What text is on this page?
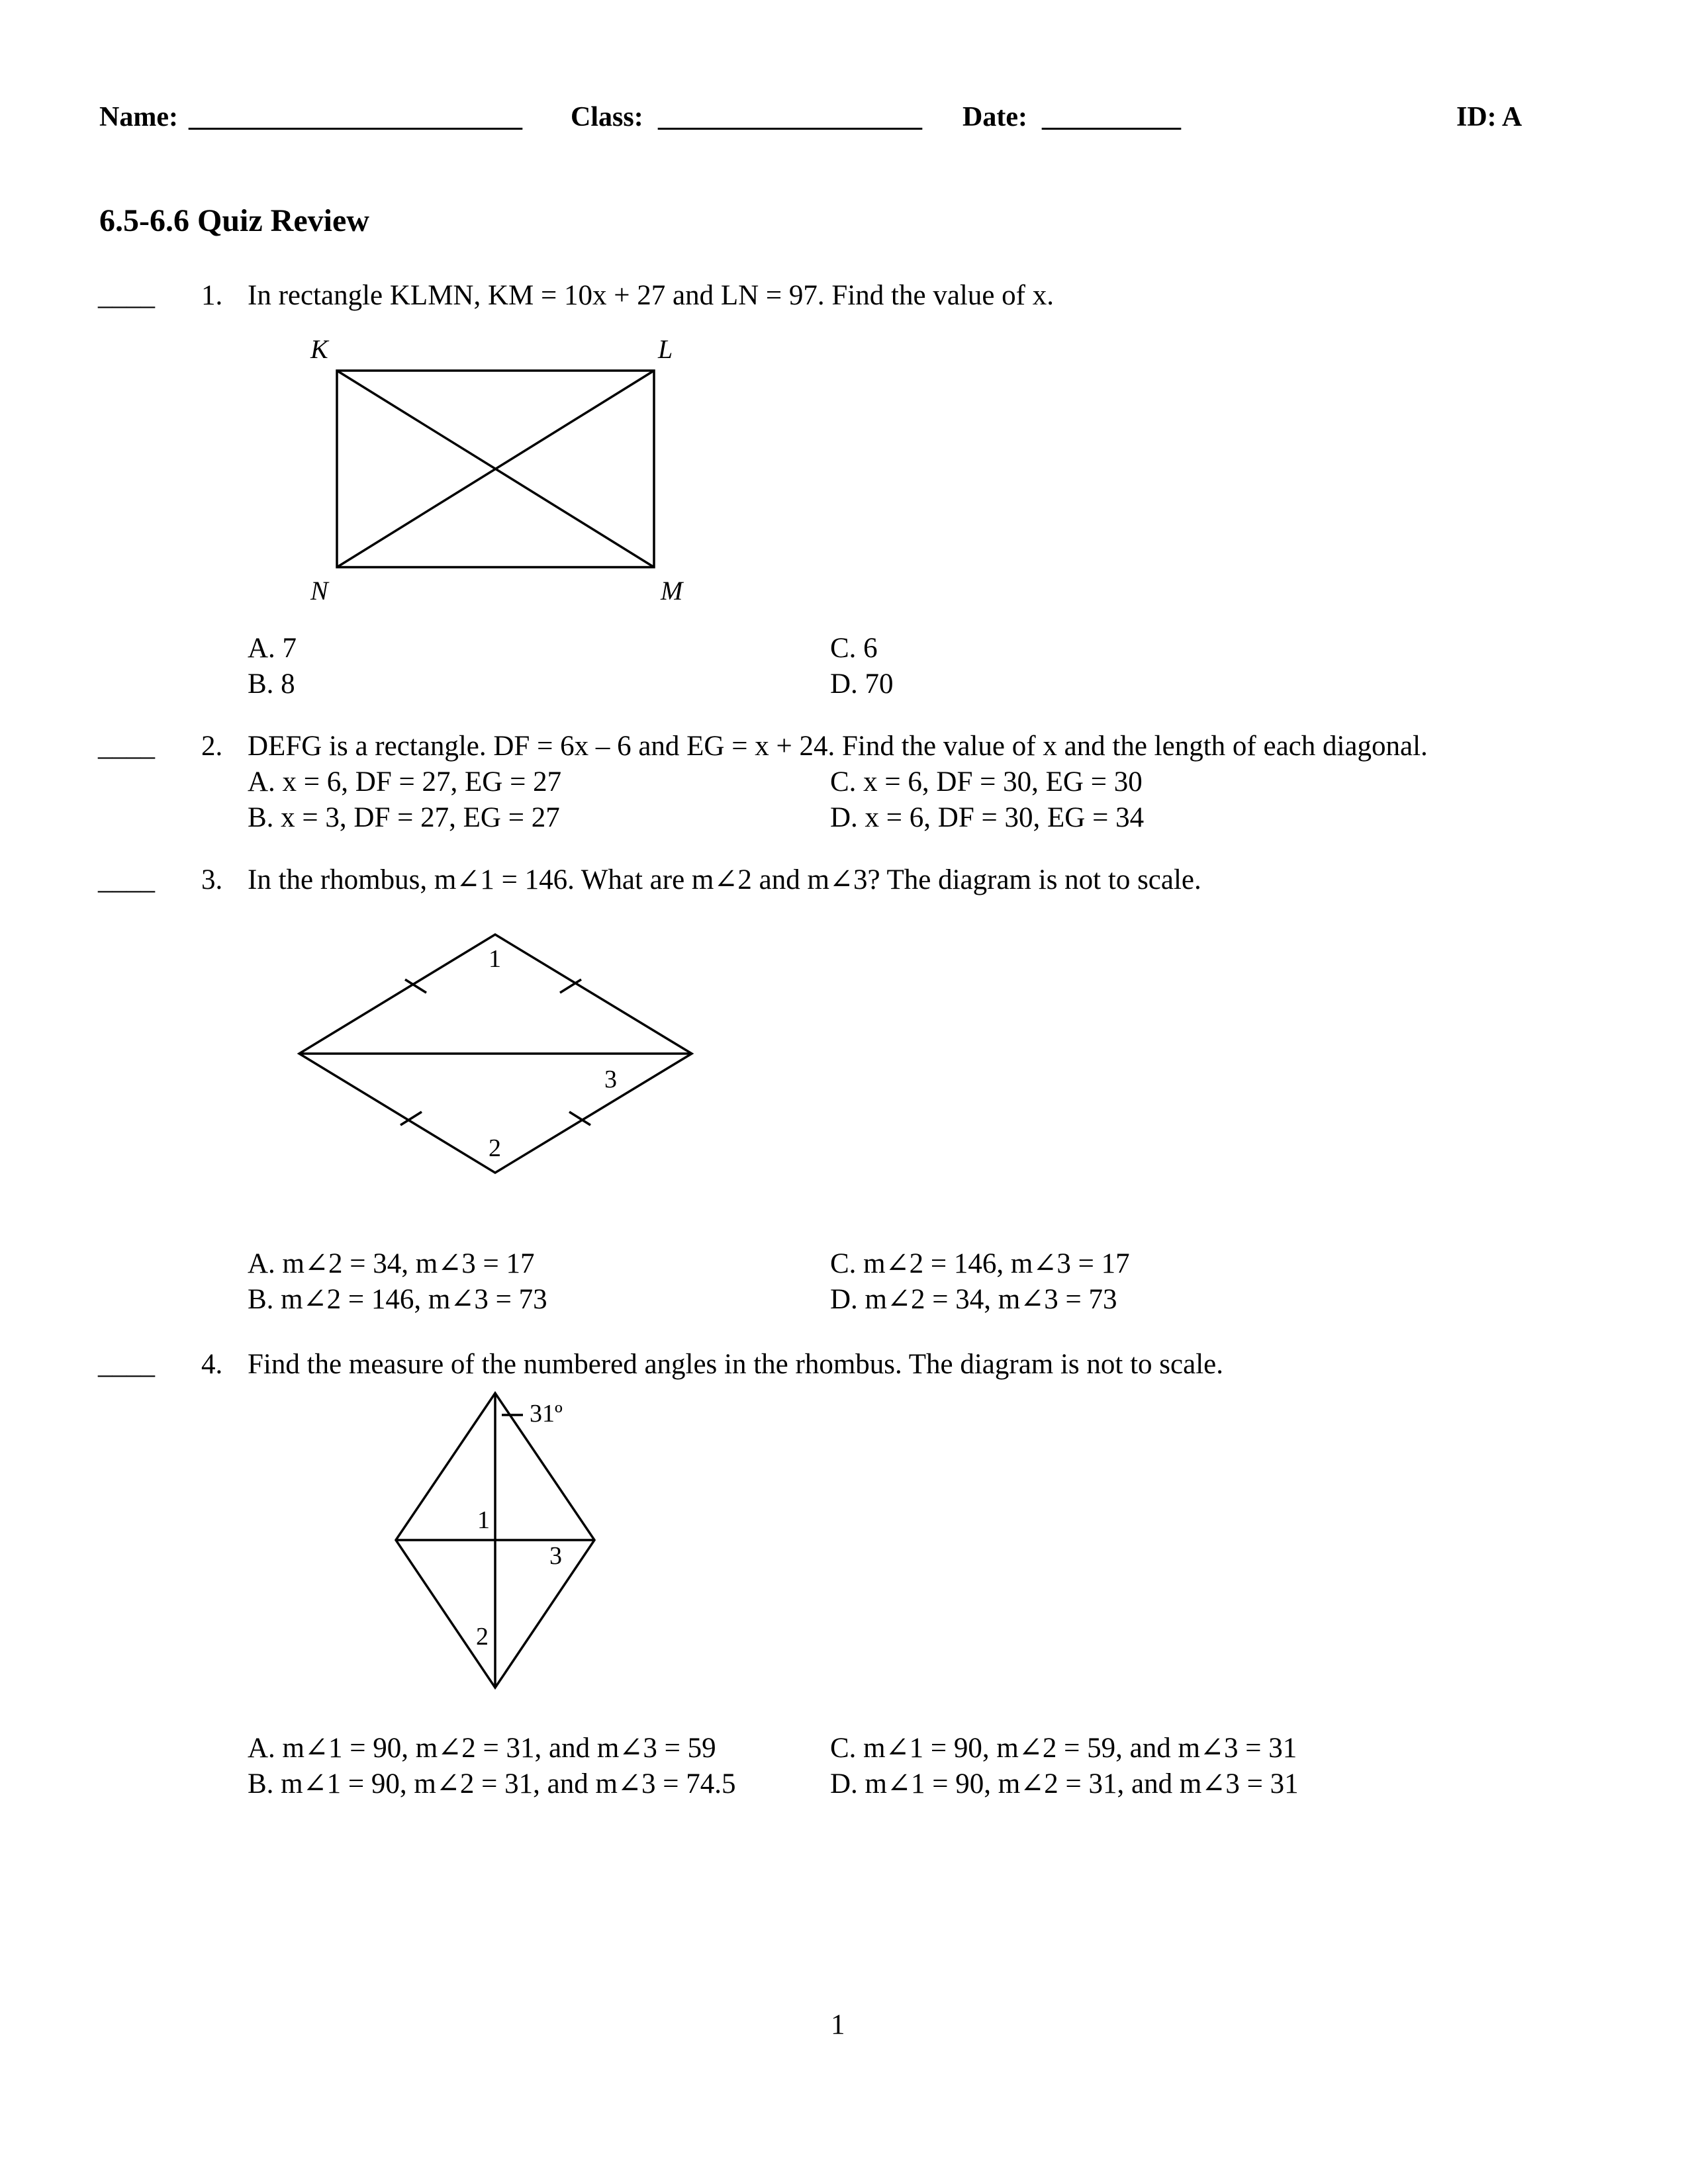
Name: ________________________ Class: ___________________ Date: __________	ID: A
6.5-6.6 Quiz Review
____ 1. In rectangle KLMN, KM = 10x + 27 and LN = 97. Find the value of x.
K	L
N	M
A. 7
B. 8
C. 6
D. 70
____ 2. DEFG is a rectangle. DF = 6x – 6 and EG = x + 24. Find the value of x and the length of each diagonal.
A. x = 6, DF = 27, EG = 27
B. x = 3, DF = 27, EG = 27
C. x = 6, DF = 30, EG = 30
D. x = 6, DF = 30, EG = 34
____ 3. In the rhombus, m∠1 = 146. What are m∠2 and m∠3? The diagram is not to scale.
1
2
3
A. m∠2 = 34, m∠3 = 17
B. m∠2 = 146, m∠3 = 73
C. m∠2 = 146, m∠3 = 17
D. m∠2 = 34, m∠3 = 73
____ 4. Find the measure of the numbered angles in the rhombus. The diagram is not to scale.
31º
1
2
3
A. m∠1 = 90, m∠2 = 31, and m∠3 = 59
B. m∠1 = 90, m∠2 = 31, and m∠3 = 74.5
C. m∠1 = 90, m∠2 = 59, and m∠3 = 31
D. m∠1 = 90, m∠2 = 31, and m∠3 = 31
1
